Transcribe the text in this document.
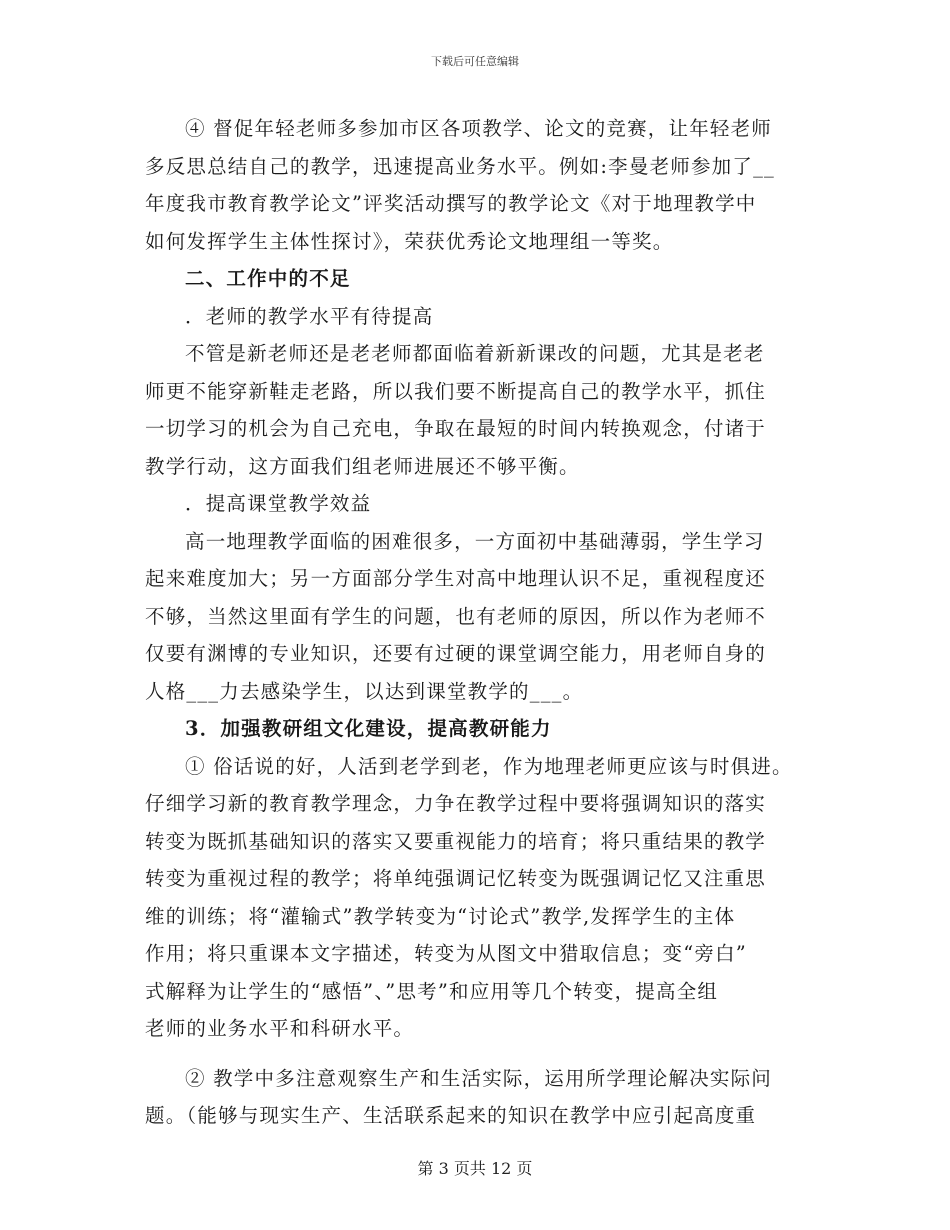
下载后可任意编辑
④ 督促年轻老师多参加市区各项教学、论文的竞赛，让年轻老师
多反思总结自己的教学，迅速提高业务水平。例如:李曼老师参加了__
年度我市教育教学论文”评奖活动撰写的教学论文《对于地理教学中
如何发挥学生主体性探讨》，荣获优秀论文地理组一等奖。
二、工作中的不足
．老师的教学水平有待提高
不管是新老师还是老老师都面临着新新课改的问题，尤其是老老
师更不能穿新鞋走老路，所以我们要不断提高自己的教学水平，抓住
一切学习的机会为自己充电，争取在最短的时间内转换观念，付诸于
教学行动，这方面我们组老师进展还不够平衡。
．提高课堂教学效益
高一地理教学面临的困难很多，一方面初中基础薄弱，学生学习
起来难度加大；另一方面部分学生对高中地理认识不足，重视程度还
不够，当然这里面有学生的问题，也有老师的原因，所以作为老师不
仅要有渊博的专业知识，还要有过硬的课堂调空能力，用老师自身的
人格___力去感染学生，以达到课堂教学的___。
3．加强教研组文化建设，提高教研能力
① 俗话说的好，人活到老学到老，作为地理老师更应该与时俱进。
仔细学习新的教育教学理念，力争在教学过程中要将强调知识的落实
转变为既抓基础知识的落实又要重视能力的培育；将只重结果的教学
转变为重视过程的教学；将单纯强调记忆转变为既强调记忆又注重思
维的训练；将“灌输式”教学转变为“讨论式”教学,发挥学生的主体
作用；将只重课本文字描述，转变为从图文中猎取信息；变“旁白”
式解释为让学生的“感悟”、”思考”和应用等几个转变，提高全组
老师的业务水平和科研水平。
② 教学中多注意观察生产和生活实际，运用所学理论解决实际问
题。（能够与现实生产、生活联系起来的知识在教学中应引起高度重
第 3 页共 12 页
